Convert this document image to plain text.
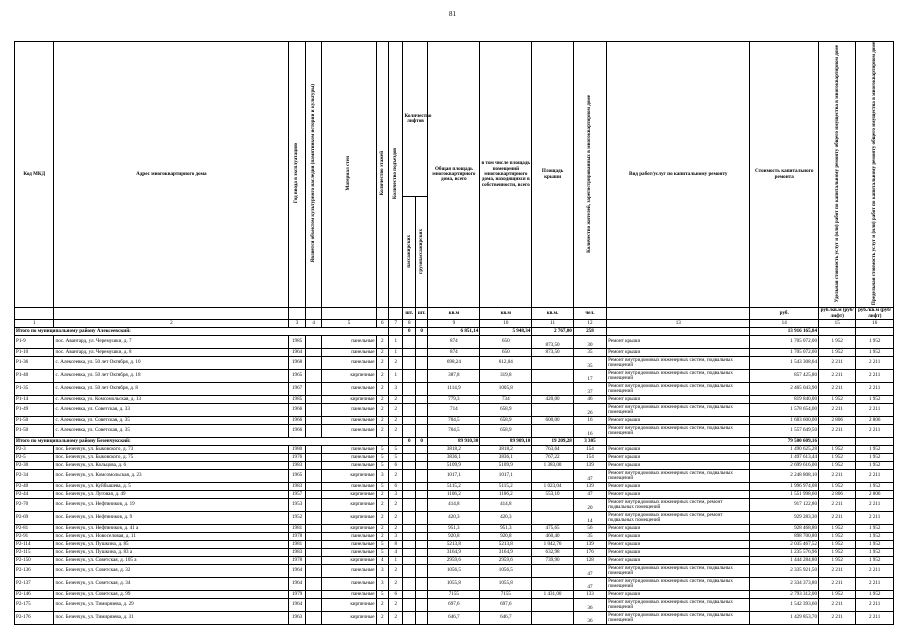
81
Код МКД	Адрес многоквартирного дома	Год ввода в эксплуатацию	Является объектом культурного наследия (памятником истории и культуры)	Материал стен	Количество этажей	Количество подъездов	Количество лифтов		Общая площадь многоквартирного дома, всего	в том числе площадь помещений многоквартирного дома, находящихся в собственности, всего	Площадь крыши	Количество жителей, зарегистрированных в многоквартирном доме	Вид работ/услуг по капитальному ремонту	Стоимость капитального ремонта	Удельная стоимость услуг и (или) работ по капитальному ремонту общего имущества в многоквартирном доме	Предельная стоимость услуг и (или) работ по капитальному ремонту общего имущества в многоквартирном доме
							пассажирских	грузопассажирских								
							шт.	шт.	кв.м	кв.м	кв.м.	чел.		руб.	руб./кв.м (руб/лифт)	руб./кв.м (руб/лифт)
1	2	3	4	5	6	7	8		9	10	11	12	13	14	15	16
Итого по муниципальному району Алексеевский:							0	0	6 851,14	5 948,34	2 767,00	258		13 916 165,84		
Р1-9	пос. Авангард, ул. Черемушки, д. 7	1985		панельные	2	1			874	650	873,50	30	Ремонт крыши	1 705 072,00	1 952	1 952
Р1-10	пос. Авангард, ул. Черемушки, д. 8	1964		панельные	2	1			874	650	873,50	35	Ремонт крыши	1 705 072,00	1 952	1 952
Р1-36	с. Алексеевка, ул. 50 лет Октября, д. 10	1968		панельные	2	2			698,24	612,04		35	Ремонт внутридомовых инженерных систем, подвальных помещений	1 543 308,64	2 211	2 211
Р1-40	с. Алексеевка, ул. 50 лет Октября, д. 18	1965		кирпичные	2	1			387,8	319,8		17	Ремонт внутридомовых инженерных систем, подвальных помещений	857 425,80	2 211	2 211
Р1-35	с. Алексеевка, ул. 50 лет Октября, д. 8	1967		панельные	2	3			1114,9	1005,8		37	Ремонт внутридомовых инженерных систем, подвальных помещений	2 465 043,90	2 211	2 211
Р1-14	с. Алексеевка, ул. Комсомольская, д. 13	1985		кирпичные	2	2			779,3	734	420,00	46	Ремонт крыши	819 840,00	1 952	1 952
Р1-49	с. Алексеевка, ул. Советская, д. 33	1966		панельные	2	2			714	658,9		26	Ремонт внутридомовых инженерных систем, подвальных помещений	1 578 654,00	2 211	2 211
Р1-50	с. Алексеевка, ул. Советская, д. 35	1966		панельные	2	2			704,5	658,9	600,00	16	Ремонт крыши	1 683 600,00	2 806	2 806
Р1-50	с. Алексеевка, ул. Советская, д. 35	1966		панельные	2	2			704,5	658,9		16	Ремонт внутридомовых инженерных систем, подвальных помещений	1 557 649,50	2 211	2 211
Итого по муниципальному району Безенчукский:							0	0	89 910,30	89 909,10	19 209,28	3 305		79 500 609,16		
Р2-3	пос. Безенчук, ул. Быковского, д. 73	1980		панельные	5	5			3818,2	3818,2	763,64	154	Ремонт крыши	1 490 625,28	1 952	1 952
Р2-5	пос. Безенчук, ул. Быковского, д. 75	1976		панельные	5	5			3836,1	3836,1	767,22	154	Ремонт крыши	1 497 613,44	1 952	1 952
Р2-30	пос. Безенчук, ул. Кольцова, д. 6	1983		панельные	5	6			5109,9	5109,9	1 383,00	139	Ремонт крыши	2 699 616,00	1 952	1 952
Р2-34	пос. Безенчук, ул. Комсомольская, д. 23	1965		кирпичные	3	2			1017,1	1017,1		47	Ремонт внутридомовых инженерных систем, подвальных помещений	2 248 808,10	2 211	2 211
Р2-40	пос. Безенчук, ул. Куйбышева, д. 5	1983		панельные	5	6			5115,2	5115,2	1 023,04	139	Ремонт крыши	1 996 974,08	1 952	1 952
Р2-44	пос. Безенчук, ул. Луговая, д. 49	1957		кирпичные	2	3			1106,2	1106,2	553,10	47	Ремонт крыши	1 551 998,60	2 806	2 806
Р2-70	пос. Безенчук, ул. Нефтяников, д. 19	1953		кирпичные	2	2			414,8	414,8		20	Ремонт внутридомовых инженерных систем, ремонт подвальных помещений	917 122,80	2 211	2 211
Р2-69	пос. Безенчук, ул. Нефтяников, д. 9	1952		кирпичные	2	2			420,3	420,3		14	Ремонт внутридомовых инженерных систем, ремонт подвальных помещений	929 283,30	2 211	2 211
Р2-81	пос. Безенчук, ул. Нефтяников, д. 41 а	1981		кирпичные	2	2			951,3	951,3	475,65	56	Ремонт крыши	928 468,80	1 952	1 952
Р2-91	пос. Безенчук, ул. Новоселовая, д. 11	1978		панельные	2	3			920,8	920,8	460,40	35	Ремонт крыши	898 700,80	1 952	1 952
Р2-114	пос. Безенчук, ул. Пушкина, д. 85	1981		панельные	5	8			5213,8	5213,8	1 042,76	139	Ремонт крыши	2 035 467,52	1 952	1 952
Р2-115	пос. Безенчук, ул. Пушкина, д. 83 а	1983		панельные	5	4			3164,9	3164,9	632,98	176	Ремонт крыши	1 235 576,96	1 952	1 952
Р2-150	пос. Безенчук, ул. Советская, д. 105 а	1978		кирпичные	4	1			2959,6	2959,6	739,90	128	Ремонт крыши	1 444 284,80	1 952	1 952
Р2-136	пос. Безенчук, ул. Советская, д. 32	1964		панельные	3	2			1056,5	1056,5		47	Ремонт внутридомовых инженерных систем, подвальных помещений	2 335 921,50	2 211	2 211
Р2-137	пос. Безенчук, ул. Советская, д. 34	1964		панельные	3	2			1055,8	1055,8		47	Ремонт внутридомовых инженерных систем, подвальных помещений	2 334 373,80	2 211	2 211
Р2-146	пос. Безенчук, ул. Советская, д. 99	1979		панельные	5	6			7155	7155	1 431,00	133	Ремонт крыши	2 793 312,00	1 952	1 952
Р2-175	пос. Безенчук, ул. Тимирязева, д. 29	1964		кирпичные	2	2			697,6	697,6		36	Ремонт внутридомовых инженерных систем, подвальных помещений	1 542 393,60	2 211	2 211
Р2-176	пос. Безенчук, ул. Тимирязева, д. 31	1963		кирпичные	2	2			646,7	646,7		36	Ремонт внутридомовых инженерных систем, подвальных помещений	1 429 853,70	2 211	2 211
